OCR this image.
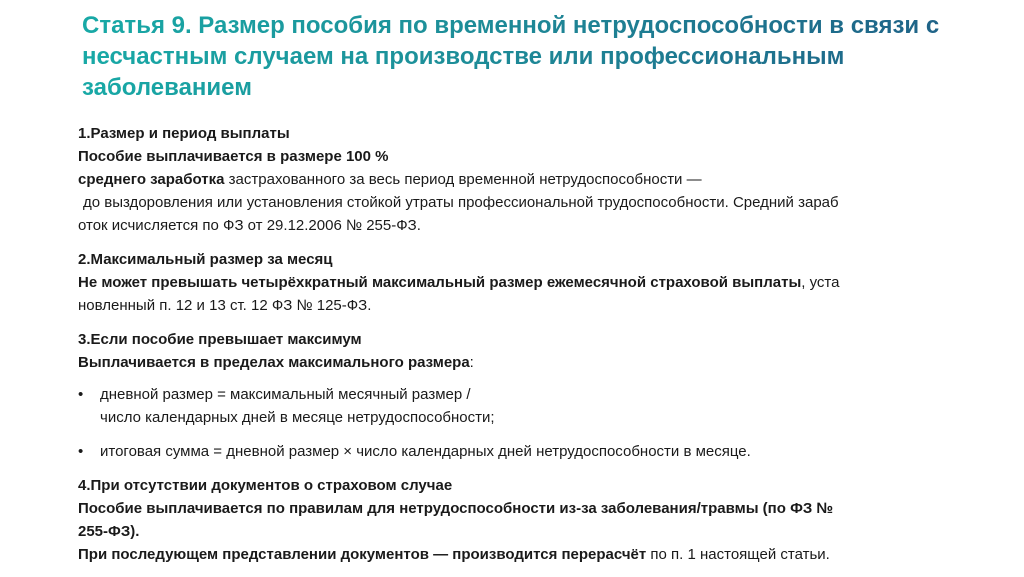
Статья 9. Размер пособия по временной нетрудоспособности в связи с несчастным случаем на производстве или профессиональным заболеванием

1.Размер и период выплаты

Пособие выплачивается в размере 100 %

среднего заработка застрахованного за весь период временной нетрудоспособности —

до выздоровления или установления стойкой утраты профессиональной трудоспособности. Средний зараб

оток исчисляется по ФЗ от 29.12.2006 № 255-ФЗ.

2.Максимальный размер за месяц

Не может превышать четырёхкратный максимальный размер ежемесячной страховой выплаты, уста

новленный п. 12 и 13 ст. 12 ФЗ № 125-ФЗ.

3.Если пособие превышает максимум

Выплачивается в пределах максимального размера:

• дневной размер = максимальный месячный размер /

число календарных дней в месяце нетрудоспособности;

• итоговая сумма = дневной размер × число календарных дней нетрудоспособности в месяце.

4.При отсутствии документов о страховом случае

Пособие выплачивается по правилам для нетрудоспособности из-за заболевания/травмы (по ФЗ №

255-ФЗ).

При последующем представлении документов — производится перерасчёт по п. 1 настоящей статьи.
